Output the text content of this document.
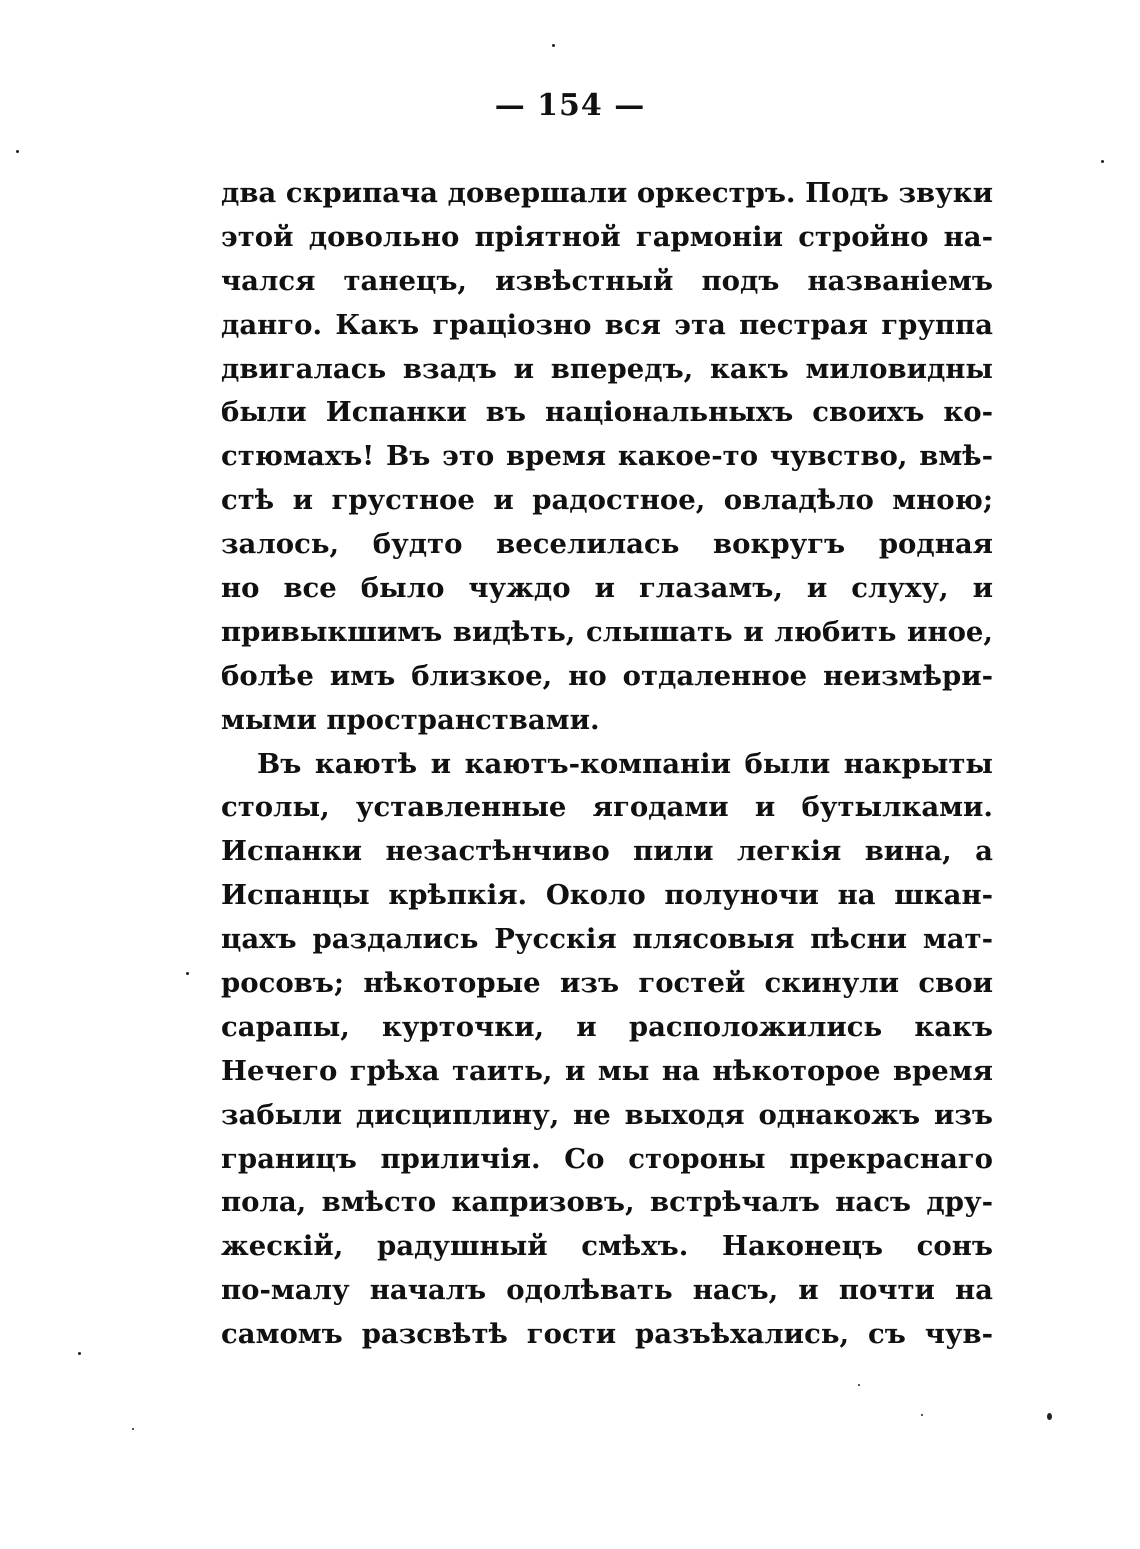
— 154 —
два скрипача довершали оркестръ. Подъ звуки
этой довольно пріятной гармоніи стройно на-
чался танецъ, извѣстный подъ названіемъ
данго. Какъ граціозно вся эта пестрая группа
двигалась взадъ и впередъ, какъ миловидны
были Испанки въ національныхъ своихъ ко-
стюмахъ! Въ это время какое-то чувство, вмѣ-
стѣ и грустное и радостное, овладѣло мною;
залось, будто веселилась вокругъ родная
но все было чуждо и глазамъ, и слуху, и
привыкшимъ видѣть, слышать и любить иное,
болѣе имъ близкое, но отдаленное неизмѣри-
мыми пространствами.
Въ каютѣ и каютъ-компаніи были накрыты
столы, уставленные ягодами и бутылками.
Испанки незастѣнчиво пили легкія вина, а
Испанцы крѣпкія. Около полуночи на шкан-
цахъ раздались Русскія плясовыя пѣсни мат-
росовъ; нѣкоторые изъ гостей скинули свои
сарапы, курточки, и расположились какъ
Нечего грѣха таить, и мы на нѣкоторое время
забыли дисциплину, не выходя однакожъ изъ
границъ приличія. Со стороны прекраснаго
пола, вмѣсто капризовъ, встрѣчалъ насъ дру-
жескій, радушный смѣхъ. Наконецъ сонъ
по-малу началъ одолѣвать насъ, и почти на
самомъ разсвѣтѣ гости разъѣхались, съ чув-
